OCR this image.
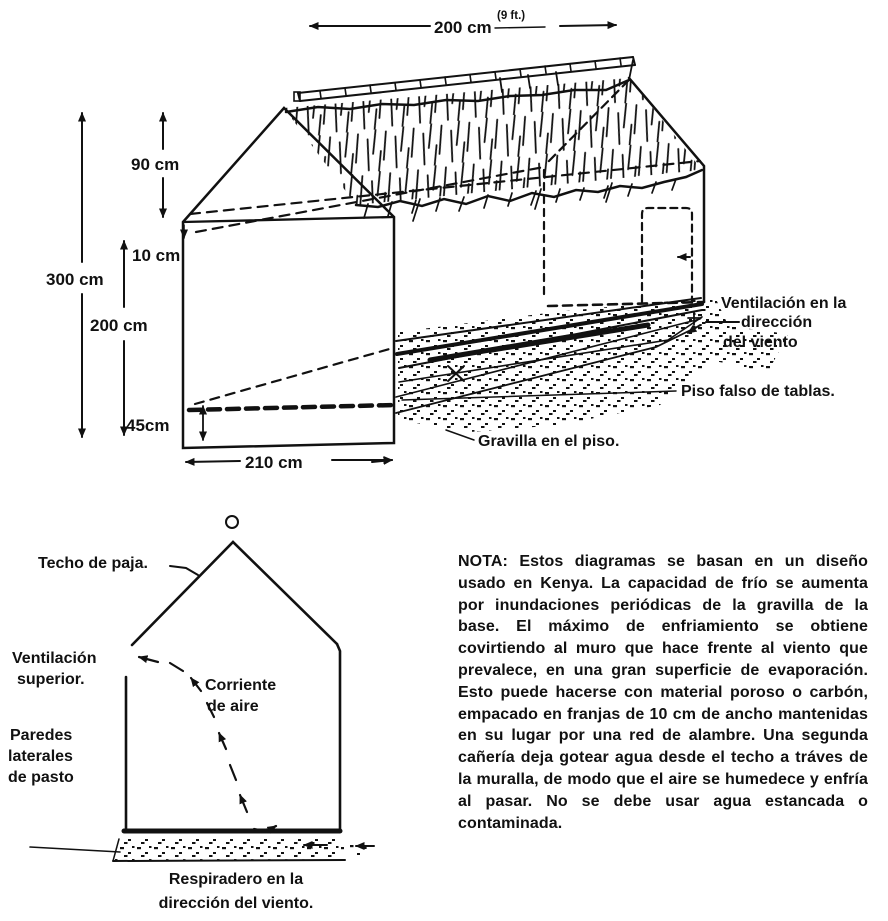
200 cm
(9 ft.)
90 cm
300 cm
10 cm
200 cm
45cm
210 cm
Ventilación en la
dirección
del viento
Piso falso de tablas.
Gravilla en el piso.
Techo de paja.
Ventilación
superior.
Paredes
laterales
de pasto
Corriente
de aire
Respiradero en la
dirección del viento.

NOTA: Estos diagramas se basan en un diseño usado en Kenya. La capacidad de frío se aumenta por inundaciones periódicas de la gravilla de la base. El máximo de enfriamiento se obtiene covirtiendo al muro que hace frente al viento que prevalece, en una gran superficie de evaporación. Esto puede hacerse con material poroso o carbón, empacado en franjas de 10 cm de ancho mantenidas en su lugar por una red de alambre. Una segunda cañería deja gotear agua desde el techo a tráves de la muralla, de modo que el aire se humedece y enfría al pasar. No se debe usar agua estancada o contaminada.
